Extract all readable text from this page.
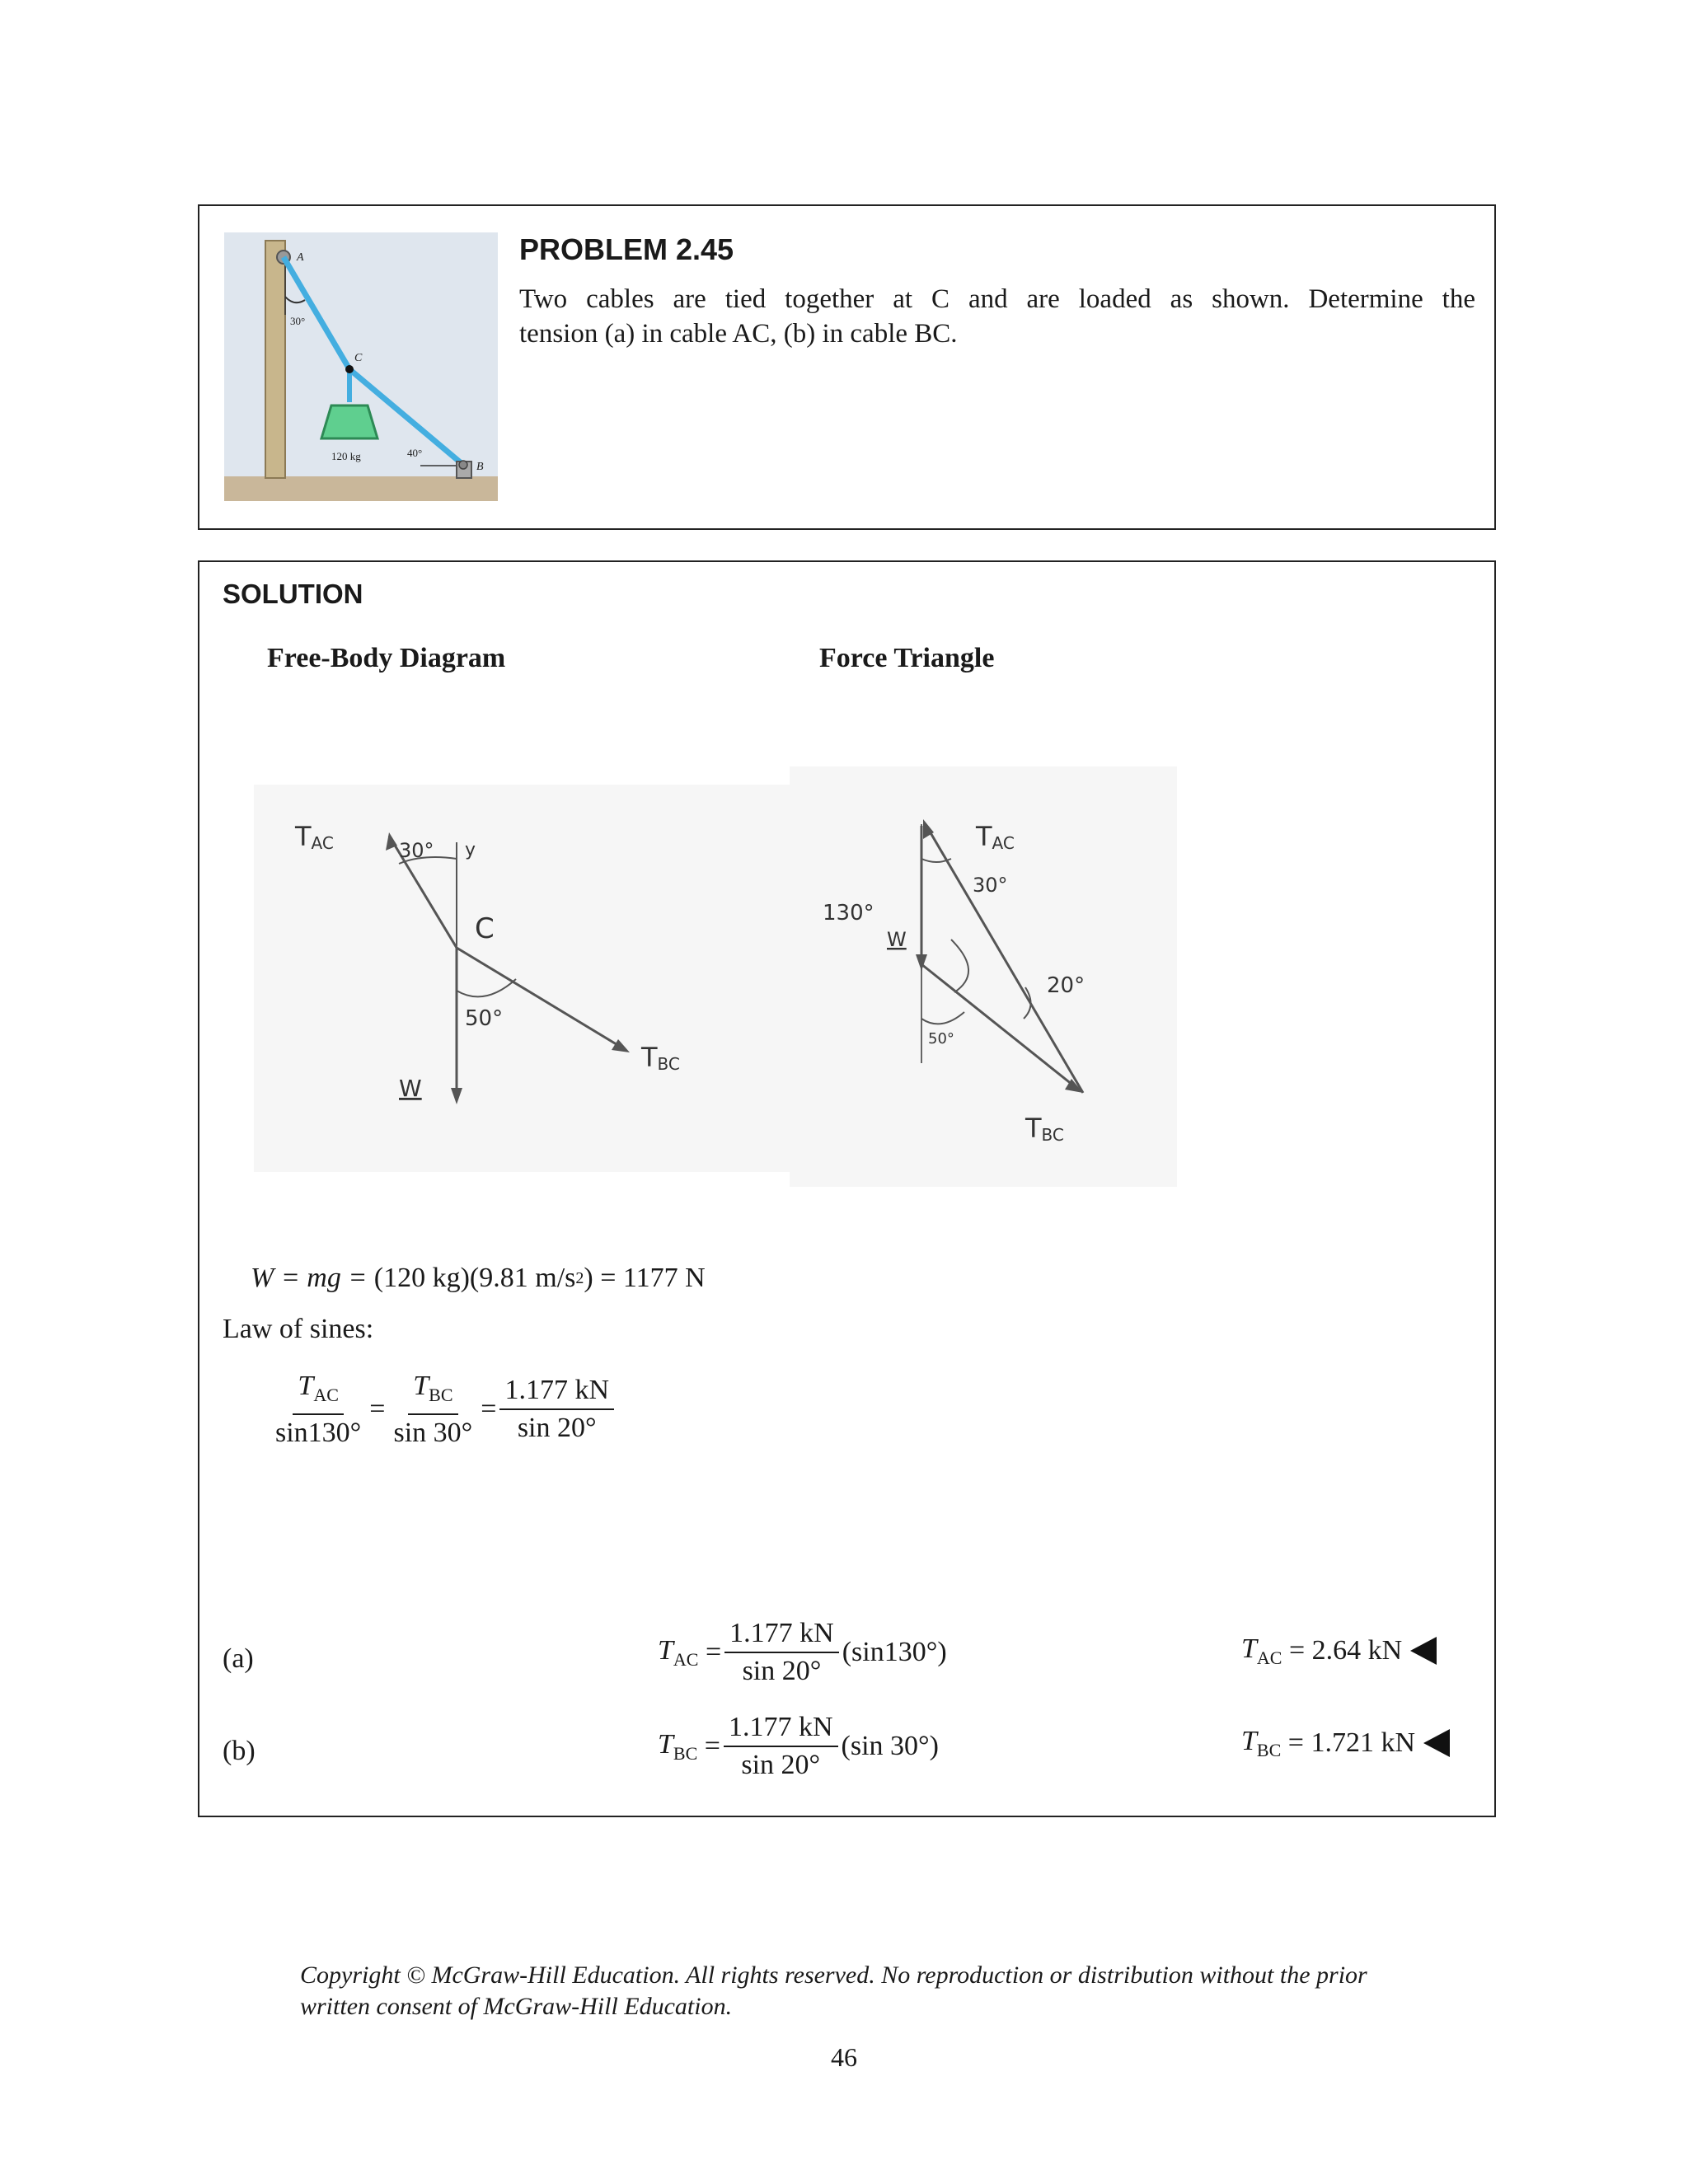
A
30°
C
120 kg	40°
B
PROBLEM 2.45
Two cables are tied together at C and are loaded as shown. Determine the
tension (a) in cable AC, (b) in cable BC.
SOLUTION
Free-Body Diagram	Force Triangle
TAC	30° y
C
50°
W
TBC
TAC
30°
130°
W
20°
50°
TBC
W = mg =
(120 kg) (9.81 m/s 2 )
= 1177 N
Law of sines:
$\frac{T_{AC}}{\sin 130^\circ} = \frac{T_{BC}}{\sin 30^\circ} = \frac{1.177 kN}{\sin 20^\circ}$
(a)	$T_{AC}$
= $\frac{1.177 kN}{\sin 20^\circ} (\sin 130^\circ)$	$T_{AC}$
= 2.64 kN
(b)	$T_{BC}$
= $\frac{1.177 kN}{\sin 20^\circ} (\sin$ 30°)	$T_{BC}$
= 1.721 kN
Copyright © McGraw-Hill Education. All rights reserved. No reproduction or distribution without the prior
written consent of McGraw-Hill Education.
46
